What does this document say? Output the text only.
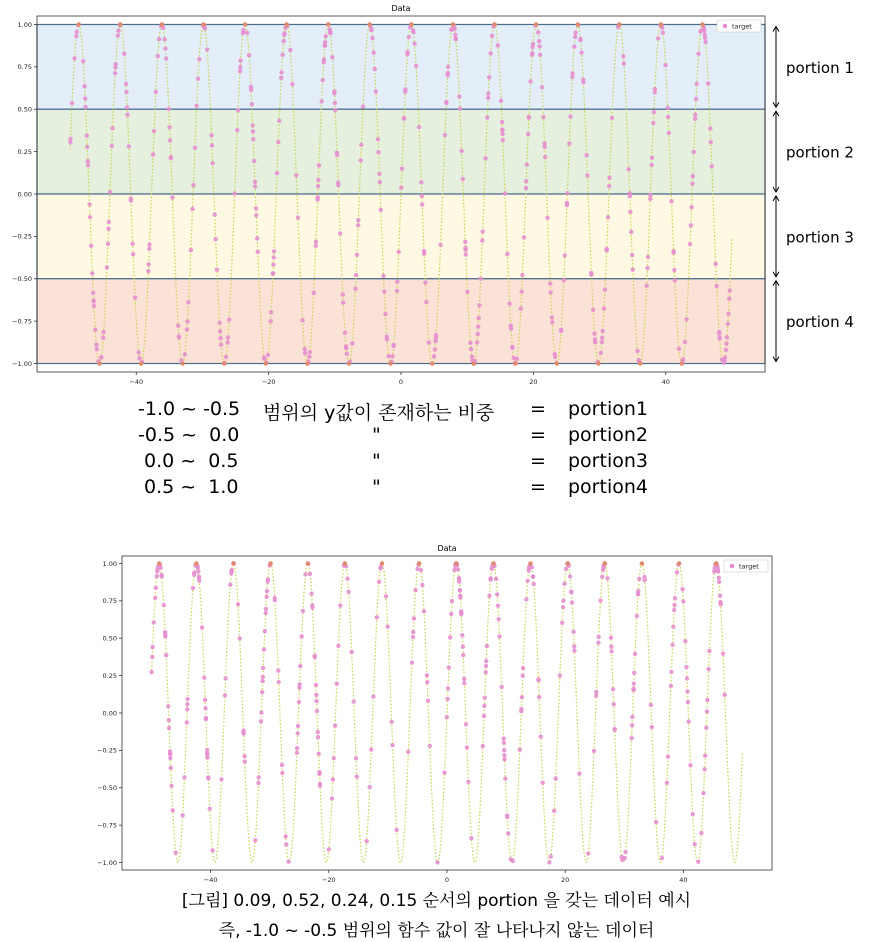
Data
−40	−20	0	20	40
−1.00
−0.75
−0.50
−0.25
0.00
0.25
0.50
0.75
1.00	target
portion 1
portion 2
portion 3
portion 4
-1.0 ~ -0.5 범위의 y값이 존재하는 비중 = portion1
-0.5 ~  0.0	"	= portion2
0.0 ~  0.5	"	= portion3
0.5 ~  1.0	"	= portion4
Data
−40	−20	0	20	40
−1.00
−0.75
−0.50
−0.25
0.00
0.25
0.50
0.75
1.00	target
[그림] 0.09, 0.52, 0.24, 0.15 순서의 portion 을 갖는 데이터 예시
즉, -1.0 ~ -0.5 범위의 함수 값이 잘 나타나지 않는 데이터
